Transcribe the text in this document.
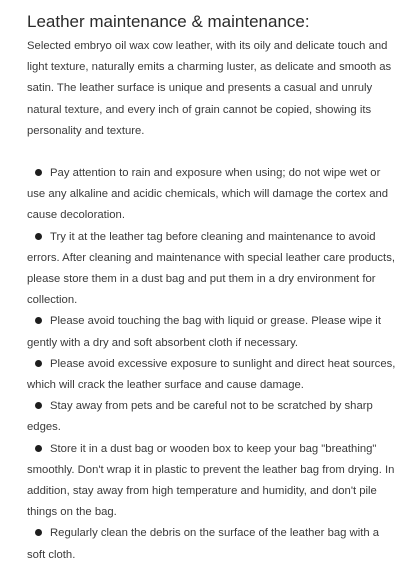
Leather maintenance & maintenance:

Selected embryo oil wax cow leather, with its oily and delicate touch and light texture, naturally emits a charming luster, as delicate and smooth as satin. The leather surface is unique and presents a casual and unruly natural texture, and every inch of grain cannot be copied, showing its personality and texture.

Pay attention to rain and exposure when using; do not wipe wet or use any alkaline and acidic chemicals, which will damage the cortex and cause decoloration.
Try it at the leather tag before cleaning and maintenance to avoid errors. After cleaning and maintenance with special leather care products, please store them in a dust bag and put them in a dry environment for collection.
Please avoid touching the bag with liquid or grease. Please wipe it gently with a dry and soft absorbent cloth if necessary.
Please avoid excessive exposure to sunlight and direct heat sources, which will crack the leather surface and cause damage.
Stay away from pets and be careful not to be scratched by sharp edges.
Store it in a dust bag or wooden box to keep your bag "breathing" smoothly. Don't wrap it in plastic to prevent the leather bag from drying. In addition, stay away from high temperature and humidity, and don't pile things on the bag.
Regularly clean the debris on the surface of the leather bag with a soft cloth.
